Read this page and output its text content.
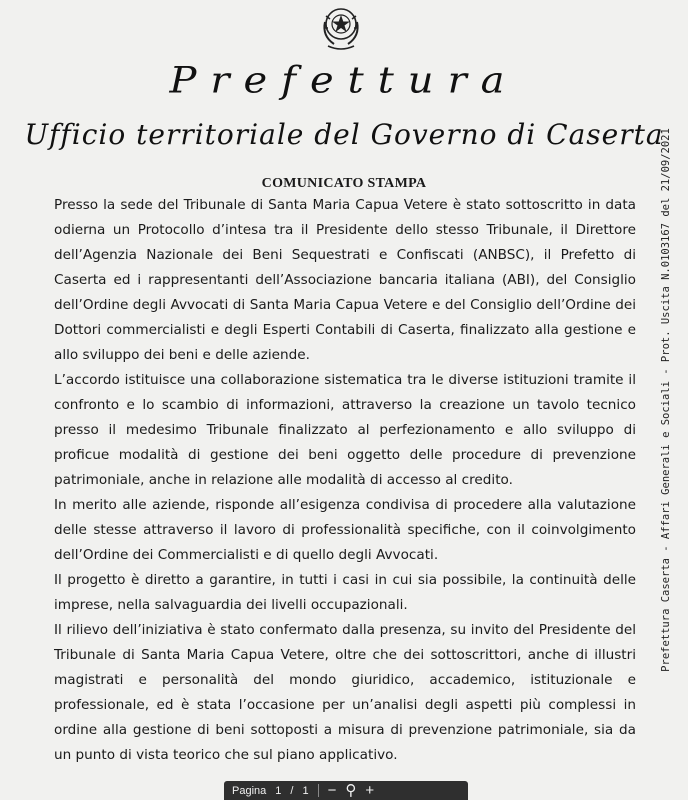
Prefettura
Ufficio territoriale del Governo di Caserta
COMUNICATO STAMPA

Presso la sede del Tribunale di Santa Maria Capua Vetere è stato sottoscritto in data odierna un Protocollo d’intesa tra il Presidente dello stesso Tribunale, il Direttore dell’Agenzia Nazionale dei Beni Sequestrati e Confiscati (ANBSC), il Prefetto di Caserta ed i rappresentanti dell’Associazione bancaria italiana (ABI), del Consiglio dell’Ordine degli Avvocati di Santa Maria Capua Vetere e del Consiglio dell’Ordine dei Dottori commercialisti e degli Esperti Contabili di Caserta, finalizzato alla gestione e allo sviluppo dei beni e delle aziende.

L’accordo istituisce una collaborazione sistematica tra le diverse istituzioni tramite il confronto e lo scambio di informazioni, attraverso la creazione un tavolo tecnico presso il medesimo Tribunale finalizzato al perfezionamento e allo sviluppo di proficue modalità di gestione dei beni oggetto delle procedure di prevenzione patrimoniale, anche in relazione alle modalità di accesso al credito.

In merito alle aziende, risponde all’esigenza condivisa di procedere alla valutazione delle stesse attraverso il lavoro di professionalità specifiche, con il coinvolgimento dell’Ordine dei Commercialisti e di quello degli Avvocati.

Il progetto è diretto a garantire, in tutti i casi in cui sia possibile, la continuità delle imprese, nella salvaguardia dei livelli occupazionali.

Il rilievo dell’iniziativa è stato confermato dalla presenza, su invito del Presidente del Tribunale di Santa Maria Capua Vetere, oltre che dei sottoscrittori, anche di illustri magistrati e personalità del mondo giuridico, accademico, istituzionale e professionale, ed è stata l’occasione per un’analisi degli aspetti più complessi in ordine alla gestione di beni sottoposti a misura di prevenzione patrimoniale, sia da un punto di vista teorico che sul piano applicativo.

Prefettura Caserta - Affari Generali e Sociali - Prot. Uscita N.0103167 del 21/09/2021
Pagina 1 / 1 − ⚲ +
